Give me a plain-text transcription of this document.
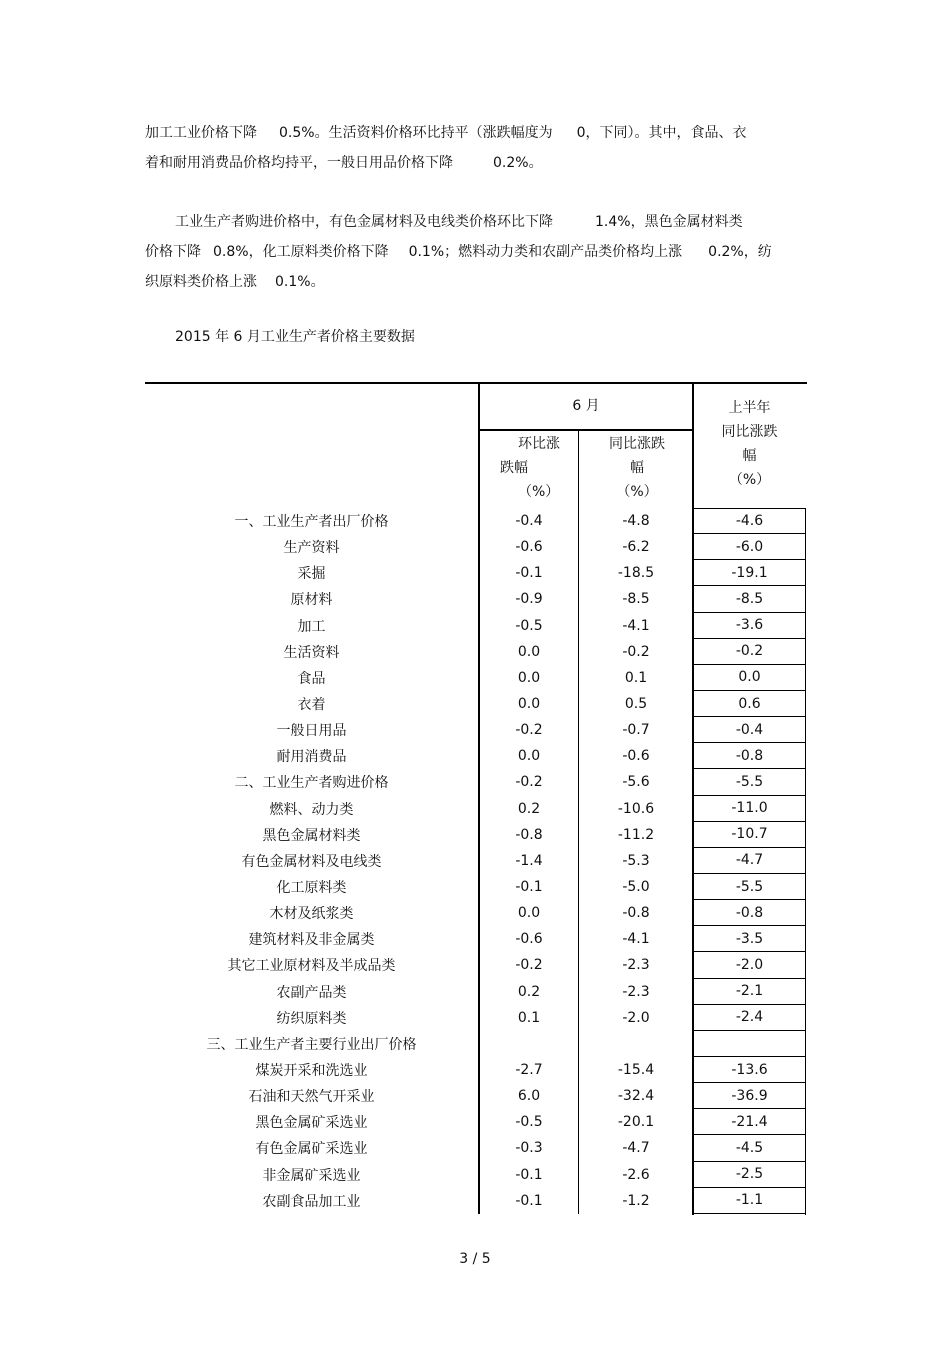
加工工业价格下降 0.5%。生活资料价格环比持平（涨跌幅度为 0，下同）。其中，食品、衣
着和耐用消费品价格均持平，一般日用品价格下降	0.2%。
工业生产者购进价格中，有色金属材料及电线类价格环比下降	1.4%，黑色金属材料类
价格下降 0.8%，化工原料类价格下降 0.1%；燃料动力类和农副产品类价格均上涨 0.2%，纺
织原料类价格上涨 0.1%。

2015 年 6 月工业生产者价格主要数据

6 月
环比涨
跌幅
（%）
同比涨跌
幅
（%）
上半年
同比涨跌
幅
（%）
一、工业生产者出厂价格	-0.4	-4.8	-4.6
生产资料	-0.6	-6.2	-6.0
采掘	-0.1	-18.5	-19.1
原材料	-0.9	-8.5	-8.5
加工	-0.5	-4.1	-3.6
生活资料	0.0	-0.2	-0.2
食品	0.0	0.1	0.0
衣着	0.0	0.5	0.6
一般日用品	-0.2	-0.7	-0.4
耐用消费品	0.0	-0.6	-0.8
二、工业生产者购进价格	-0.2	-5.6	-5.5
燃料、动力类	0.2	-10.6	-11.0
黑色金属材料类	-0.8	-11.2	-10.7
有色金属材料及电线类	-1.4	-5.3	-4.7
化工原料类	-0.1	-5.0	-5.5
木材及纸浆类	0.0	-0.8	-0.8
建筑材料及非金属类	-0.6	-4.1	-3.5
其它工业原材料及半成品类	-0.2	-2.3	-2.0
农副产品类	0.2	-2.3	-2.1
纺织原料类	0.1	-2.0	-2.4
三、工业生产者主要行业出厂价格
煤炭开采和洗选业	-2.7	-15.4	-13.6
石油和天然气开采业	6.0	-32.4	-36.9
黑色金属矿采选业	-0.5	-20.1	-21.4
有色金属矿采选业	-0.3	-4.7	-4.5
非金属矿采选业	-0.1	-2.6	-2.5
农副食品加工业	-0.1	-1.2	-1.1
3 / 5
